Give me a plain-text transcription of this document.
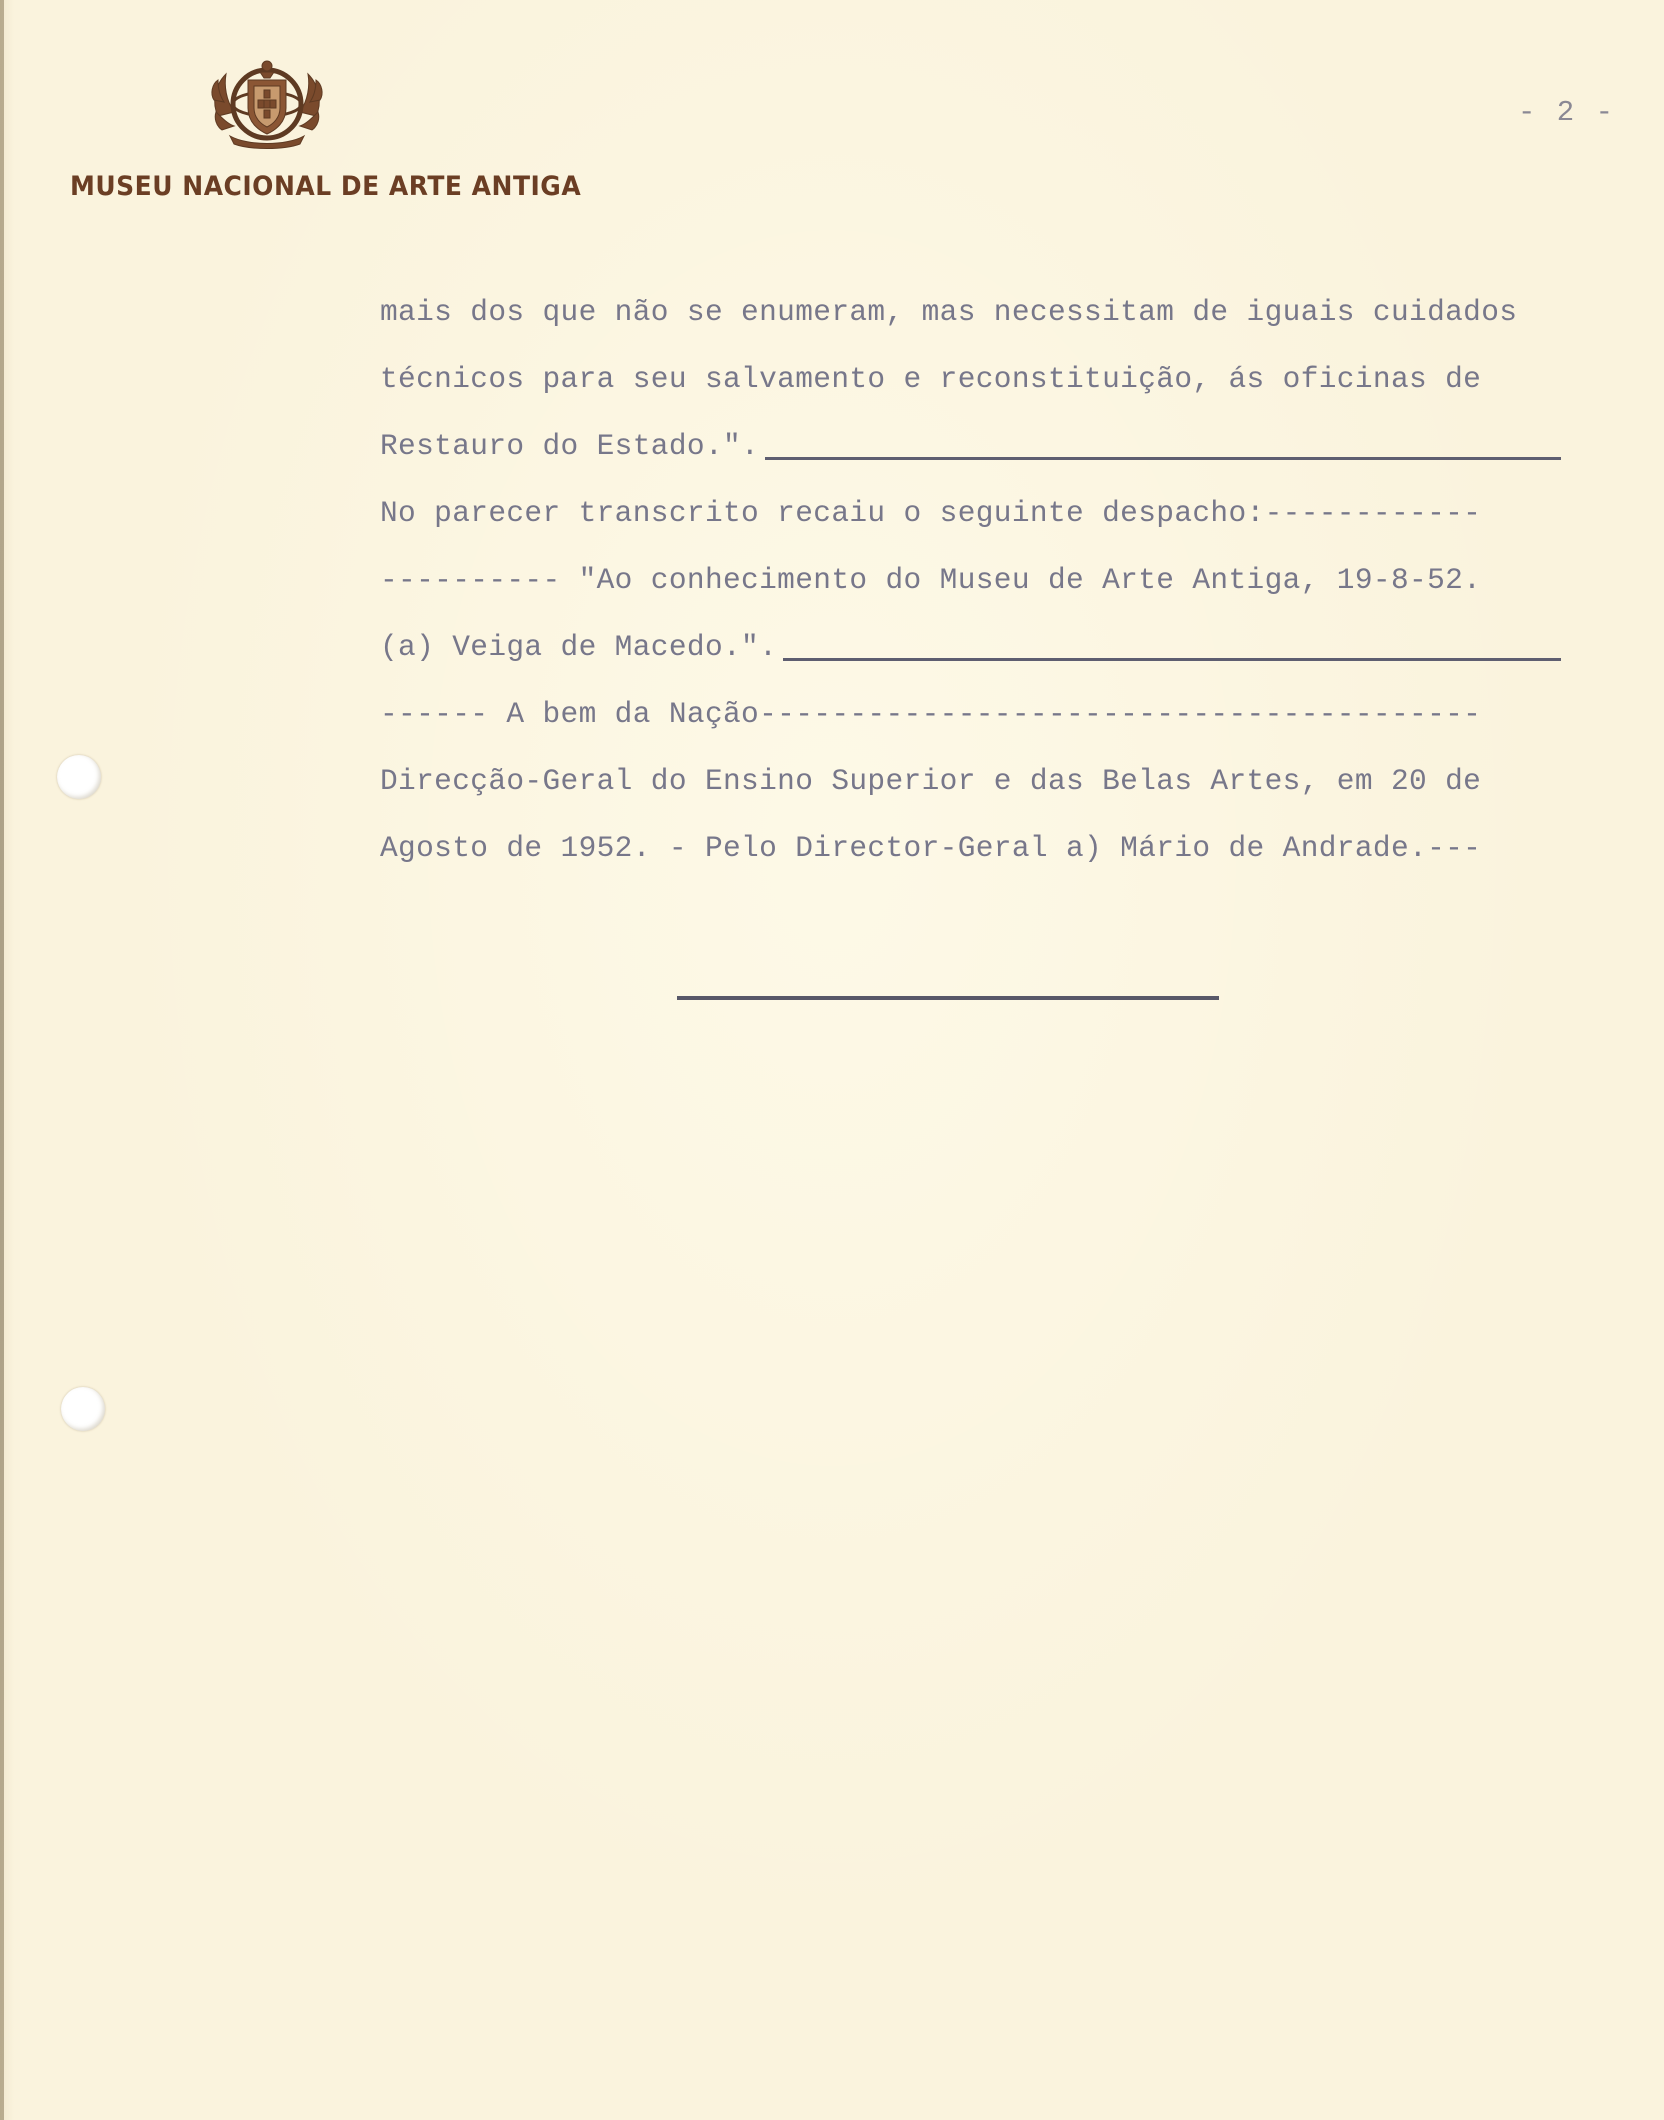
MUSEU NACIONAL DE ARTE ANTIGA
- 2 -
mais dos que não se enumeram, mas necessitam de iguais cuidados
técnicos para seu salvamento e reconstituição, ás oficinas de
Restauro do Estado.".
No parecer transcrito recaiu o seguinte despacho:------------
---------- "Ao conhecimento do Museu de Arte Antiga, 19-8-52.
(a) Veiga de Macedo.".
------ A bem da Nação----------------------------------------
Direcção-Geral do Ensino Superior e das Belas Artes, em 20 de
Agosto de 1952. - Pelo Director-Geral a) Mário de Andrade.---
